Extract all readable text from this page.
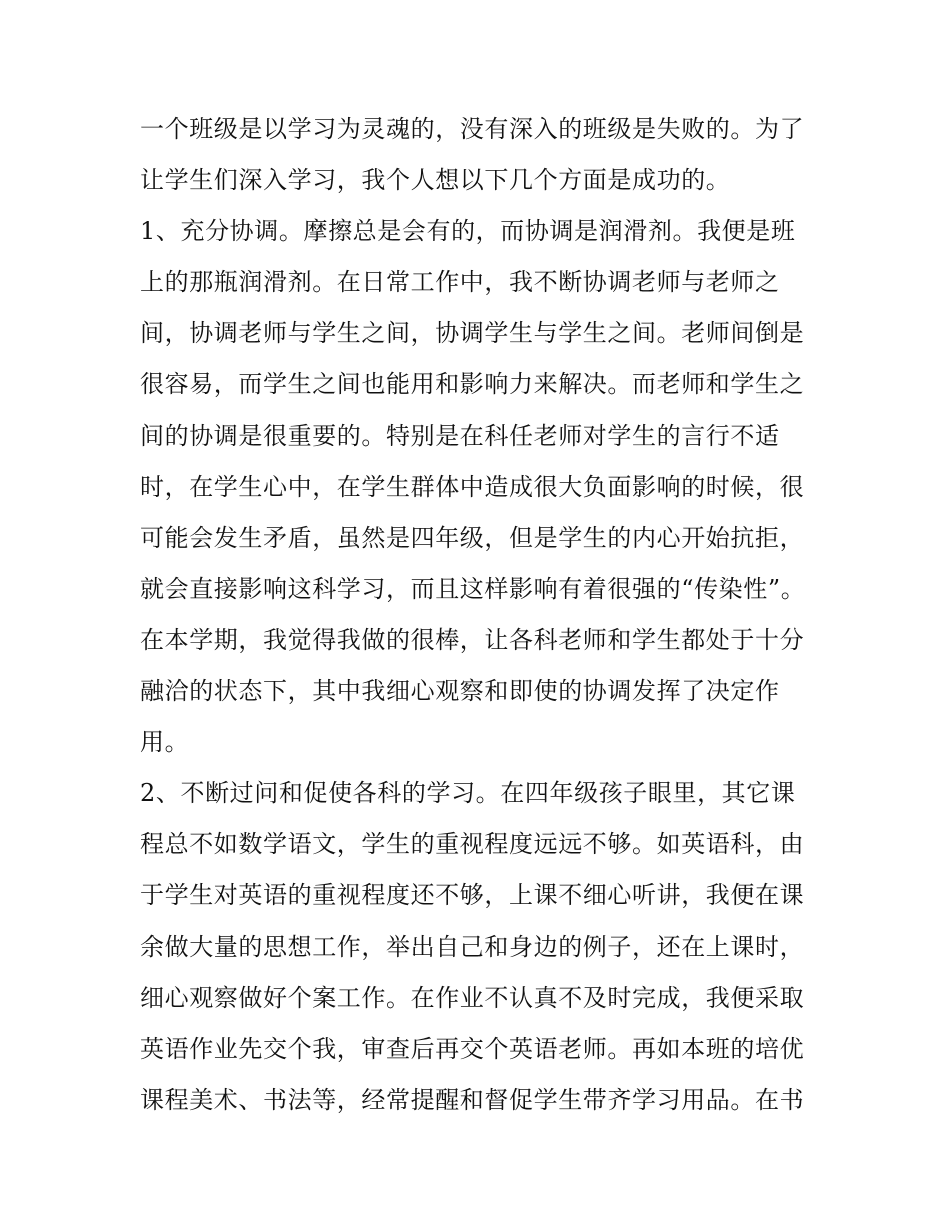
一个班级是以学习为灵魂的，没有深入的班级是失败的。为了
让学生们深入学习，我个人想以下几个方面是成功的。
1、充分协调。摩擦总是会有的，而协调是润滑剂。我便是班
上的那瓶润滑剂。在日常工作中，我不断协调老师与老师之
间，协调老师与学生之间，协调学生与学生之间。老师间倒是
很容易，而学生之间也能用和影响力来解决。而老师和学生之
间的协调是很重要的。特别是在科任老师对学生的言行不适
时，在学生心中，在学生群体中造成很大负面影响的时候，很
可能会发生矛盾，虽然是四年级，但是学生的内心开始抗拒，
就会直接影响这科学习，而且这样影响有着很强的“传染性”。
在本学期，我觉得我做的很棒，让各科老师和学生都处于十分
融洽的状态下，其中我细心观察和即使的协调发挥了决定作
用。
2、不断过问和促使各科的学习。在四年级孩子眼里，其它课
程总不如数学语文，学生的重视程度远远不够。如英语科，由
于学生对英语的重视程度还不够，上课不细心听讲，我便在课
余做大量的思想工作，举出自己和身边的例子，还在上课时，
细心观察做好个案工作。在作业不认真不及时完成，我便采取
英语作业先交个我，审查后再交个英语老师。再如本班的培优
课程美术、书法等，经常提醒和督促学生带齐学习用品。在书
